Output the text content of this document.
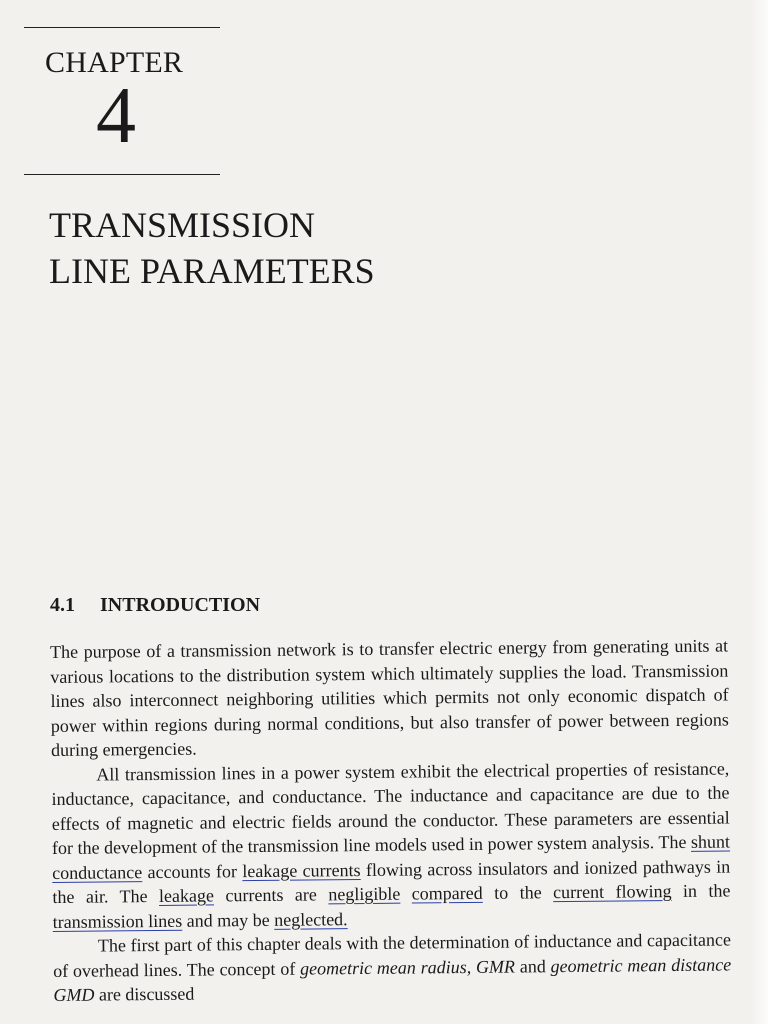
CHAPTER
4
TRANSMISSION
LINE PARAMETERS
4.1 INTRODUCTION

The purpose of a transmission network is to transfer electric energy from generating units at various locations to the distribution system which ultimately supplies the load. Transmission lines also interconnect neighboring utilities which permits not only economic dispatch of power within regions during normal conditions, but also transfer of power between regions during emergencies.

All transmission lines in a power system exhibit the electrical properties of resistance, inductance, capacitance, and conductance. The inductance and capacitance are due to the effects of magnetic and electric fields around the conductor. These parameters are essential for the development of the transmission line models used in power system analysis. The shunt conductance accounts for leakage currents flowing across insulators and ionized pathways in the air. The leakage currents are negligible compared to the current flowing in the transmission lines and may be neglected.

The first part of this chapter deals with the determination of inductance and capacitance of overhead lines. The concept of geometric mean radius, GMR and geometric mean distance GMD are discussed
